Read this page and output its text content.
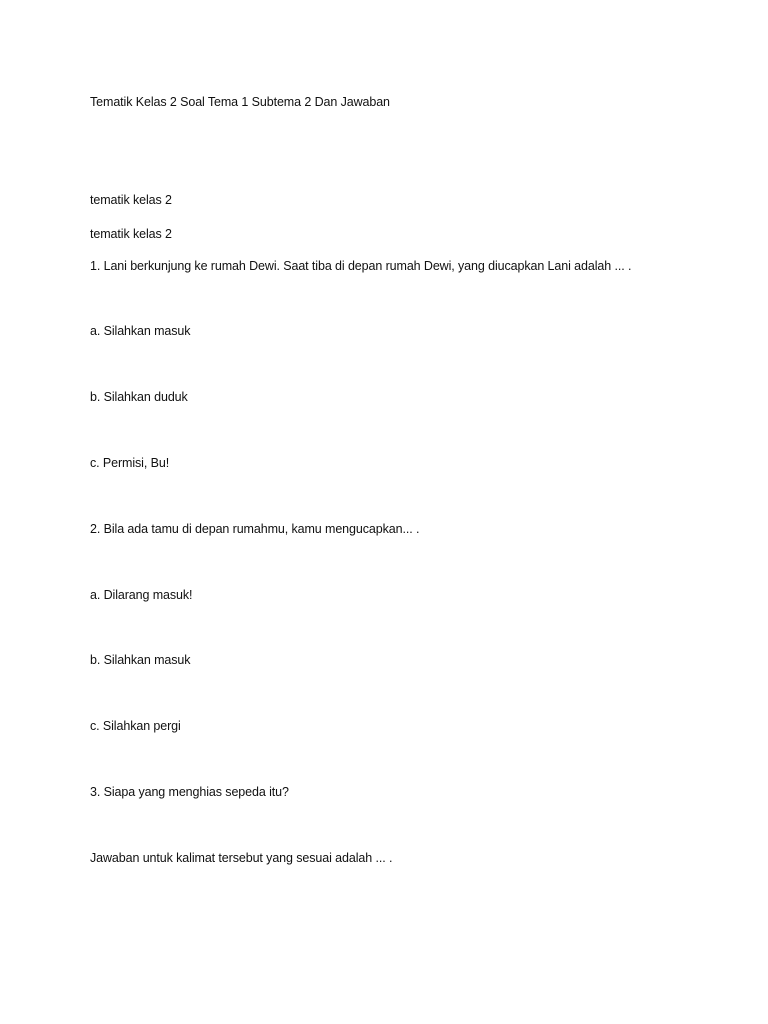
Tematik Kelas 2 Soal Tema 1 Subtema 2 Dan Jawaban
tematik kelas 2
tematik kelas 2
1. Lani berkunjung ke rumah Dewi. Saat tiba di depan rumah Dewi, yang diucapkan Lani adalah ... .
a. Silahkan masuk
b. Silahkan duduk
c. Permisi, Bu!
2. Bila ada tamu di depan rumahmu, kamu mengucapkan... .
a. Dilarang masuk!
b. Silahkan masuk
c. Silahkan pergi
3. Siapa yang menghias sepeda itu?
Jawaban untuk kalimat tersebut yang sesuai adalah ... .
